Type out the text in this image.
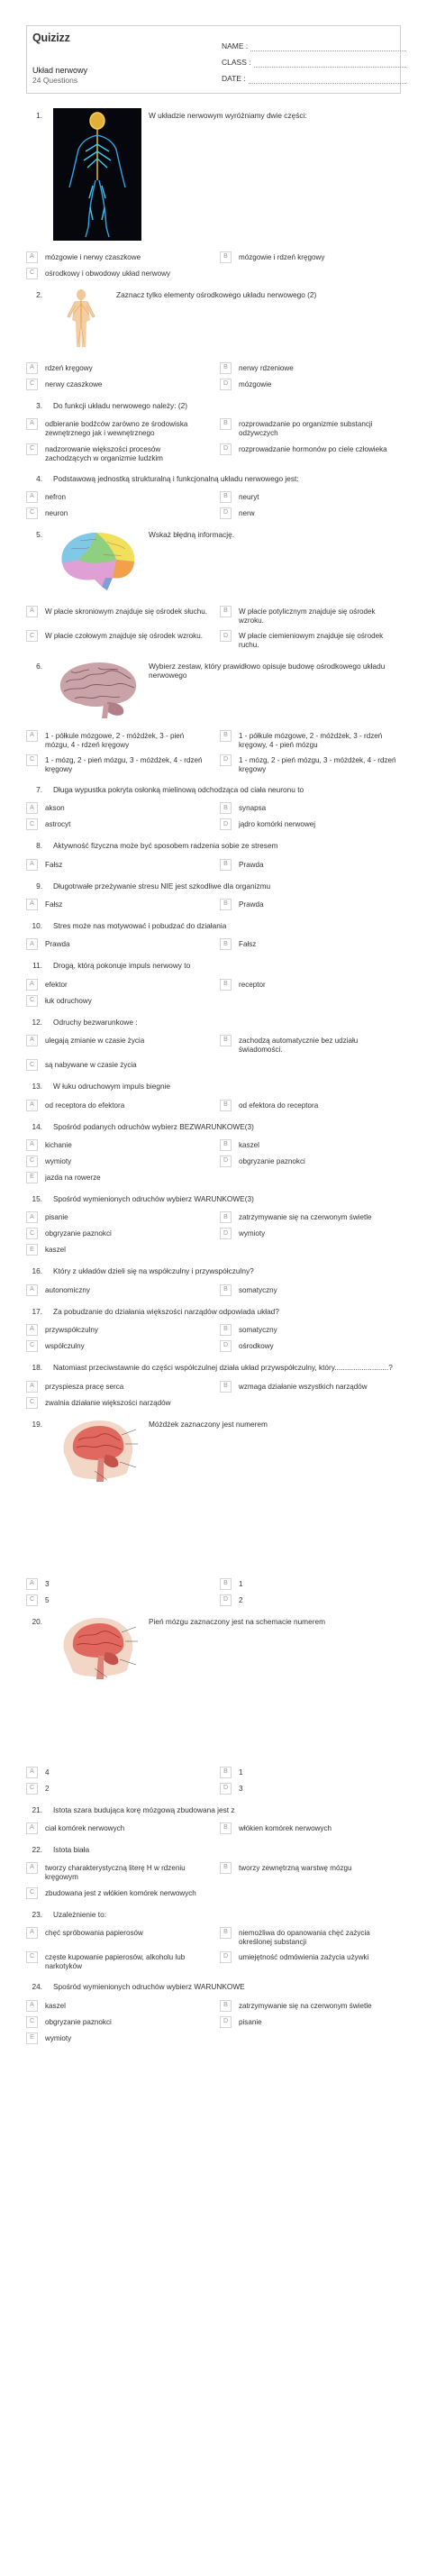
Quizizz
Układ nerwowy
24 Questions
NAME :
CLASS :
DATE :
1.	W układzie nerwowym wyróżniamy dwie części:
A	mózgowie i nerwy czaszkowe	B	mózgowie i rdzeń kręgowy
C	ośrodkowy i obwodowy układ nerwowy
2.	Zaznacz tylko elementy ośrodkowego układu nerwowego (2)
A	rdzeń kręgowy	B	nerwy rdzeniowe
C	nerwy czaszkowe	D	mózgowie
3. Do funkcji układu nerwowego należy: (2)
A	odbieranie bodźców zarówno ze środowiska zewnętrznego jak i wewnętrznego
B	rozprowadzanie po organizmie substancji odżywczych
C	nadzorowanie większości procesów zachodzących w organizmie ludzkim
D	rozprowadzanie hormonów po ciele człowieka
4. Podstawową jednostką strukturalną i funkcjonalną układu nerwowego jest:
A	nefron	B	neuryt
C	neuron	D	nerw
5.	Wskaż błędną informację.
A	W płacie skroniowym znajduje się ośrodek słuchu.	B	W płacie potylicznym znajduje się ośrodek wzroku.
C	W płacie czołowym znajduje się ośrodek wzroku.	D	W płacie ciemieniowym znajduje się ośrodek ruchu.
6.	Wybierz zestaw, który prawidłowo opisuje budowę ośrodkowego układu nerwowego
A	1 - półkule mózgowe, 2 - móżdżek, 3 - pień mózgu, 4 - rdzeń kręgowy
B	1 - półkule mózgowe, 2 - móżdżek, 3 - rdzeń kręgowy, 4 - pień mózgu
C	1 - mózg, 2 - pień mózgu, 3 - móżdżek, 4 - rdzeń kręgowy
D	1 - mózg, 2 - pień mózgu, 3 - móżdżek, 4 - rdzeń kręgowy
7. Długa wypustka pokryta osłonką mielinową odchodząca od ciała neuronu to
A	akson	B	synapsa
C	astrocyt	D	jądro komórki nerwowej
8. Aktywność fizyczna może być sposobem radzenia sobie ze stresem
A	Fałsz	B	Prawda
9. Długotrwałe przeżywanie stresu NIE jest szkodliwe dla organizmu
A	Fałsz	B	Prawda
10. Stres może nas motywować i pobudzać do działania
A	Prawda	B	Fałsz
11. Drogą, którą pokonuje impuls nerwowy to
A	efektor	B	receptor
C	łuk odruchowy
12. Odruchy bezwarunkowe :
A	ulegają zmianie w czasie życia	B	zachodzą automatycznie bez udziału świadomości.
C	są nabywane w czasie życia
13. W łuku odruchowym impuls biegnie
A	od receptora do efektora	B	od efektora do receptora
14. Spośród podanych odruchów wybierz BEZWARUNKOWE(3)
A	kichanie	B	kaszel
C	wymioty	D	obgryzanie paznokci
E	jazda na rowerze
15. Spośród wymienionych odruchów wybierz WARUNKOWE(3)
A	pisanie	B	zatrzymywanie się na czerwonym świetle
C	obgryzanie paznokci	D	wymioty
E	kaszel
16. Który z układów dzieli się na współczulny i przywspółczulny?
A	autonomiczny	B	somatyczny
17. Za pobudzanie do działania większości narządów odpowiada układ?
A	przywspółczulny	B	somatyczny
C	współczulny	D	ośrodkowy
18. Natomiast przeciwstawnie do części współczulnej działa układ przywspółczulny, który..........................?
A	przyspiesza pracę serca	B	wzmaga działanie wszystkich narządów
C	zwalnia działanie większości narządów
19.	Móżdżek zaznaczony jest numerem
A	3	B	1
C	5	D	2
20.	Pień mózgu zaznaczony jest na schemacie numerem
A	4	B	1
C	2	D	3
21. Istota szara budująca korę mózgową zbudowana jest z
A	ciał komórek nerwowych	B	włókien komórek nerwowych
22. Istota biała
A	tworzy charakterystyczną literę H w rdzeniu kręgowym
B	tworzy zewnętrzną warstwę mózgu
C	zbudowana jest z włókien komórek nerwowych
23. Uzależnienie to:
A	chęć spróbowania papierosów	B	niemożliwa do opanowania chęć zażycia określonej substancji
C	częste kupowanie papierosów, alkoholu lub narkotyków
D	umiejętność odmówienia zażycia używki
24. Spośród wymienionych odruchów wybierz WARUNKOWE
A	kaszel	B	zatrzymywanie się na czerwonym świetle
C	obgryzanie paznokci	D	pisanie
E	wymioty
